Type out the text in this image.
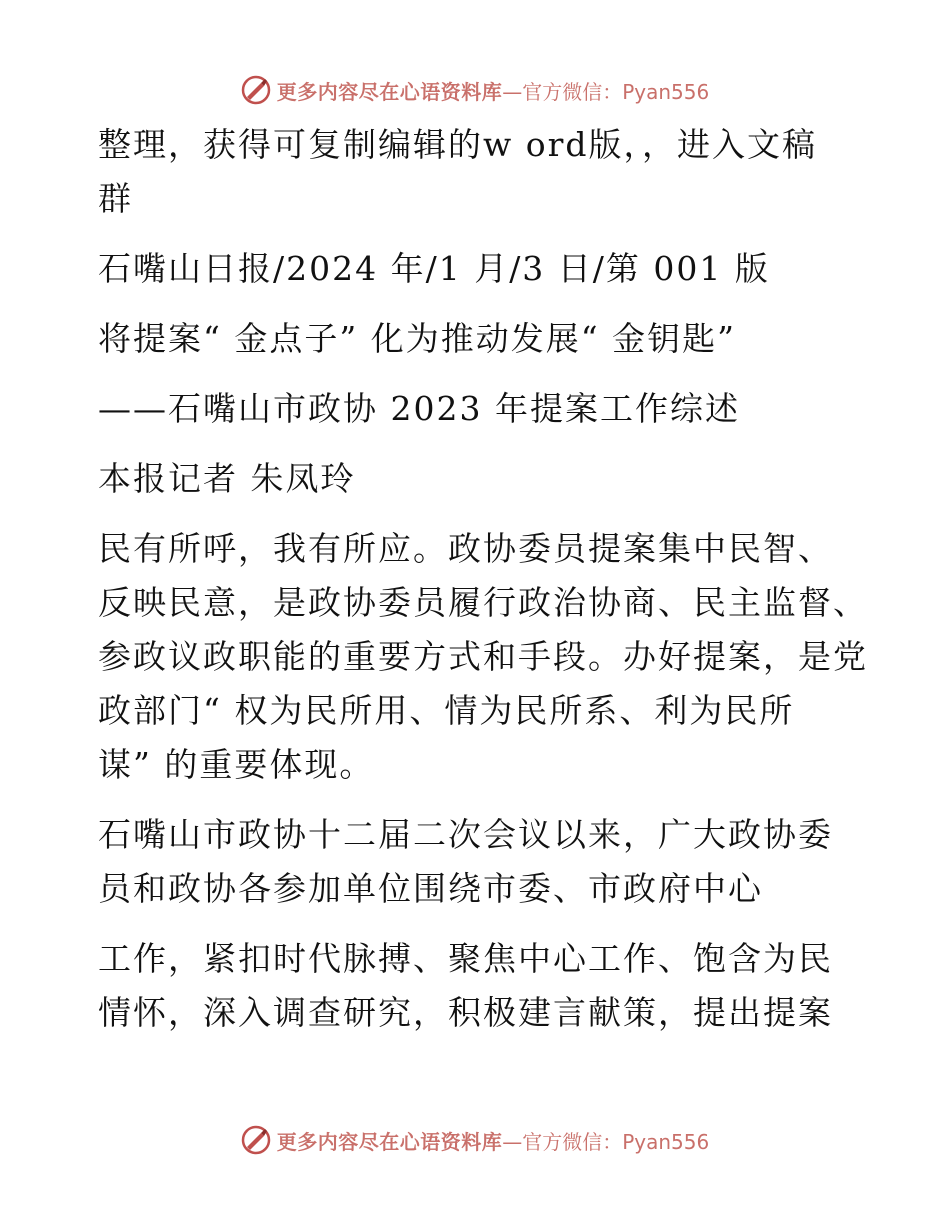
更多内容尽在心语资料库 —官方微信：Pyan556
整理，获得可复制编辑的w ord版，，进入文稿
群
石嘴山日报/2024 年/1 月/3 日/第 001 版
将提案“ 金点子” 化为推动发展“ 金钥匙”
——石嘴山市政协 2023 年提案工作综述
本报记者 朱凤玲
民有所呼，我有所应。政协委员提案集中民智、
反映民意，是政协委员履行政治协商、民主监督、
参政议政职能的重要方式和手段。办好提案，是党
政部门“ 权为民所用、情为民所系、利为民所
谋” 的重要体现。
石嘴山市政协十二届二次会议以来，广大政协委
员和政协各参加单位围绕市委、市政府中心
工作，紧扣时代脉搏、聚焦中心工作、饱含为民
情怀，深入调查研究，积极建言献策，提出提案
更多内容尽在心语资料库 —官方微信：Pyan556
